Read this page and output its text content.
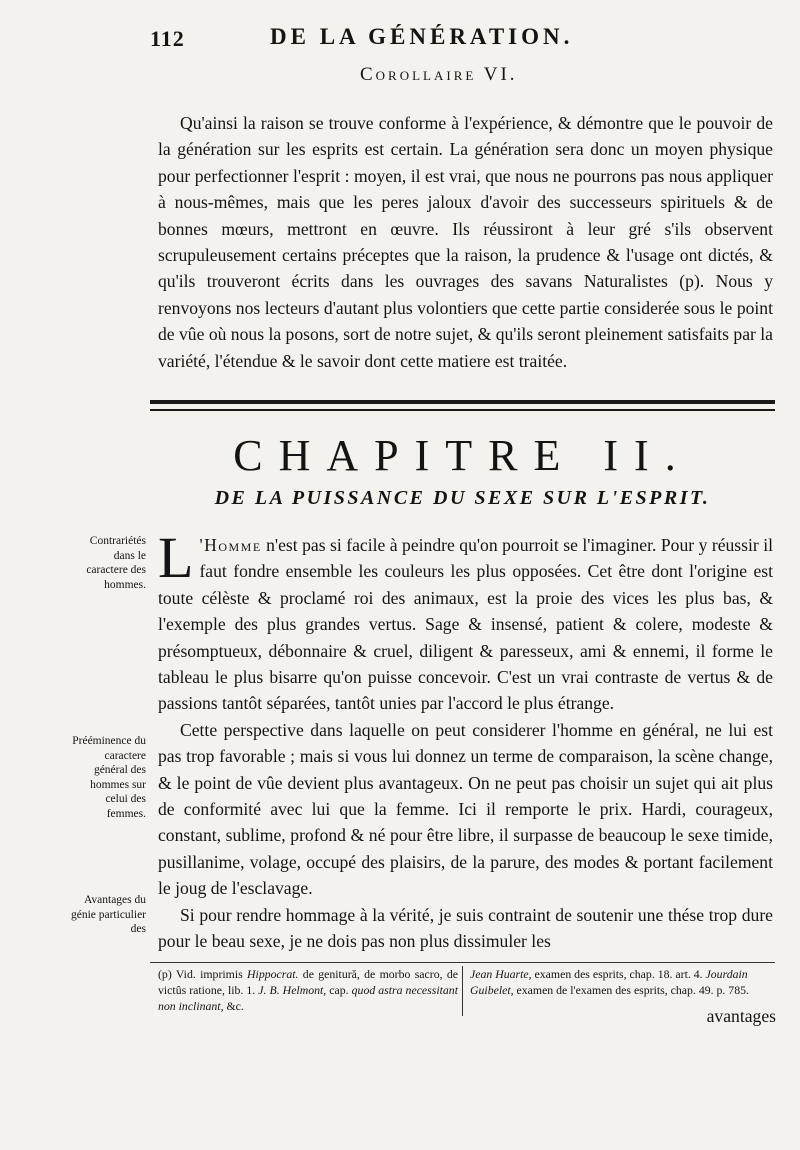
112	DE LA GÉNÉRATION.
Corollaire VI.

Qu'ainsi la raison se trouve conforme à l'expérience, & démontre que le pouvoir de la génération sur les esprits est certain. La génération sera donc un moyen physique pour perfectionner l'esprit : moyen, il est vrai, que nous ne pourrons pas nous appliquer à nous-mêmes, mais que les peres jaloux d'avoir des successeurs spirituels & de bonnes mœurs, mettront en œuvre. Ils réussiront à leur gré s'ils observent scrupuleusement certains préceptes que la raison, la prudence & l'usage ont dictés, & qu'ils trouveront écrits dans les ouvrages des savans Naturalistes (p). Nous y renvoyons nos lecteurs d'autant plus volontiers que cette partie considerée sous le point de vûe où nous la posons, sort de notre sujet, & qu'ils seront pleinement satisfaits par la variété, l'étendue & le savoir dont cette matiere est traitée.

CHAPITRE II.
DE LA PUISSANCE DU SEXE SUR L'ESPRIT.
Contrariétés dans le caractere des hommes.
Prééminence du caractere général des hommes sur celui des femmes.
Avantages du génie particulier des

L 'Homme n'est pas si facile à peindre qu'on pourroit se l'imaginer. Pour y réussir il faut fondre ensemble les couleurs les plus opposées. Cet être dont l'origine est toute célèste & proclamé roi des animaux, est la proie des vices les plus bas, & l'exemple des plus grandes vertus. Sage & insensé, patient & colere, modeste & présomptueux, débonnaire & cruel, diligent & paresseux, ami & ennemi, il forme le tableau le plus bisarre qu'on puisse concevoir. C'est un vrai contraste de vertus & de passions tantôt séparées, tantôt unies par l'accord le plus étrange.

Cette perspective dans laquelle on peut considerer l'homme en général, ne lui est pas trop favorable ; mais si vous lui donnez un terme de comparaison, la scène change, & le point de vûe devient plus avantageux. On ne peut pas choisir un sujet qui ait plus de conformité avec lui que la femme. Ici il remporte le prix. Hardi, courageux, constant, sublime, profond & né pour être libre, il surpasse de beaucoup le sexe timide, pusillanime, volage, occupé des plaisirs, de la parure, des modes & portant facilement le joug de l'esclavage.

Si pour rendre hommage à la vérité, je suis contraint de soutenir une thése trop dure pour le beau sexe, je ne dois pas non plus dissimuler les

(p) Vid. imprimis Hippocrat. de genitură, de morbo sacro, de victûs ratione, lib. 1. J. B. Helmont, cap. quod astra necessitant non inclinant, &c.
Jean Huarte, examen des esprits, chap. 18. art. 4. Jourdain Guibelet, examen de l'examen des esprits, chap. 49. p. 785.
avantages
